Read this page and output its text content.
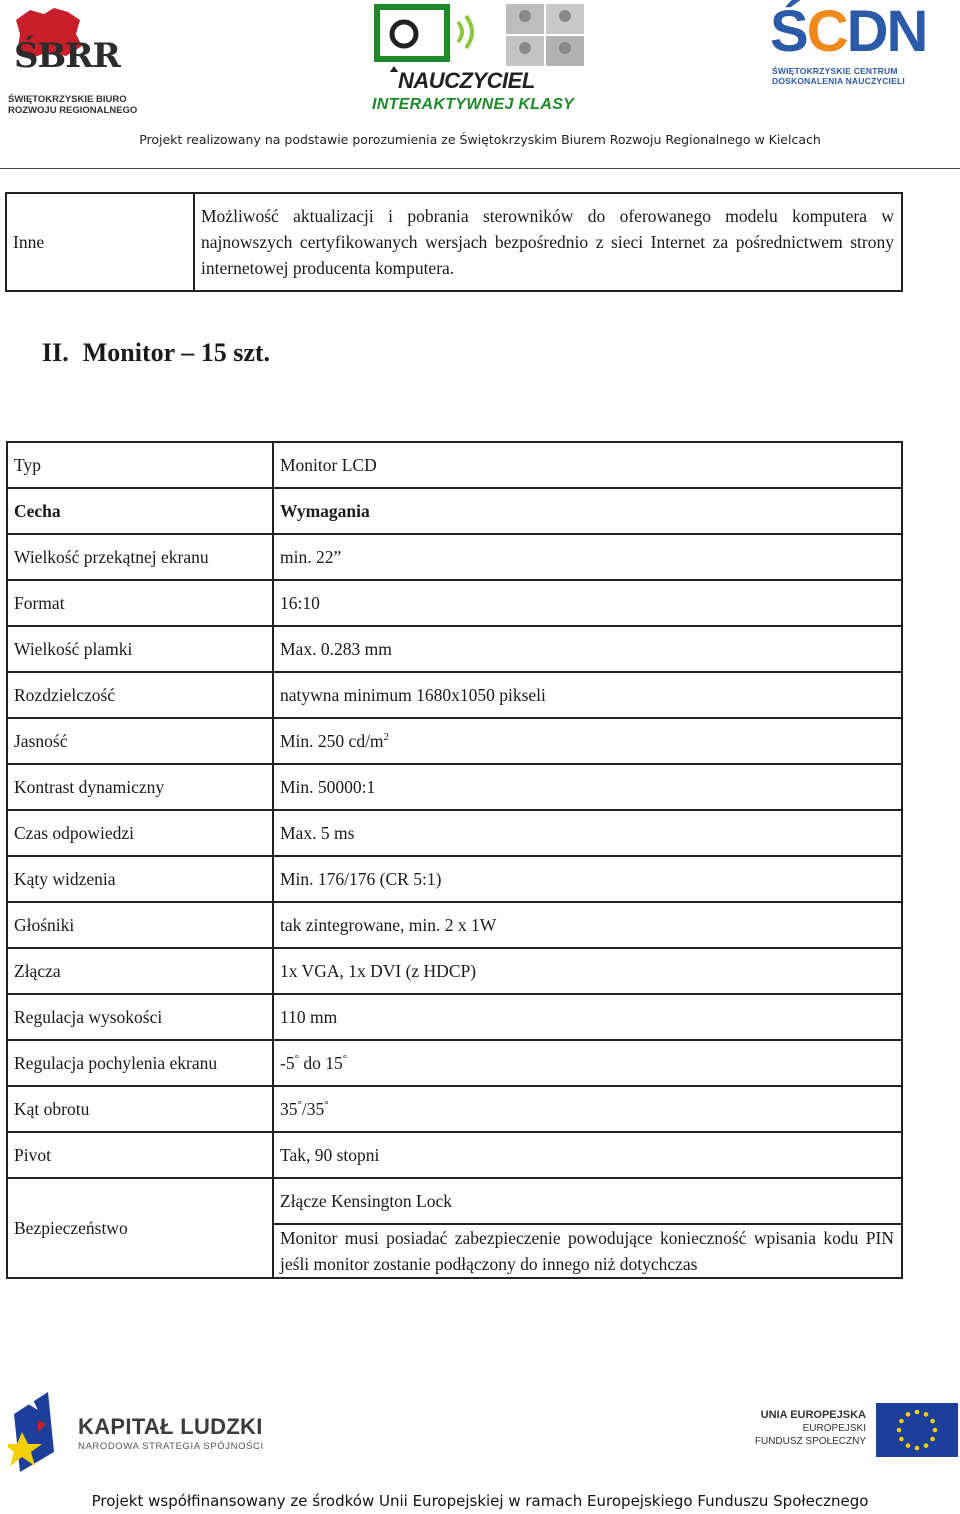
ŚBRR
ŚWIĘTOKRZYSKIE BIURO
ROZWOJU REGIONALNEGO
NAUCZYCIEL
INTERAKTYWNEJ KLASY
ŚCDN
ŚWIĘTOKRZYSKIE CENTRUM
DOSKONALENIA NAUCZYCIELI
Projekt realizowany na podstawie porozumienia ze Świętokrzyskim Biurem Rozwoju Regionalnego w Kielcach
Inne	Możliwość aktualizacji i pobrania sterowników do oferowanego modelu komputera w najnowszych certyfikowanych wersjach bezpośrednio z sieci Internet za pośrednictwem strony internetowej producenta komputera.
II. Monitor – 15 szt.
Typ	Monitor LCD
Cecha	Wymagania
Wielkość przekątnej ekranu	min. 22”
Format	16:10
Wielkość plamki	Max. 0.283 mm
Rozdzielczość	natywna minimum 1680x1050 pikseli
Jasność	Min. 250 $cd/m^2$
Kontrast dynamiczny	Min. 50000:1
Czas odpowiedzi	Max. 5 ms
Kąty widzenia	Min. 176/176 (CR 5:1)
Głośniki	tak zintegrowane, min. 2 x 1W
Złącza	1x VGA, 1x DVI (z HDCP)
Regulacja wysokości	110 mm
Regulacja pochylenia ekranu	-5° do 15°
Kąt obrotu	35°/35°
Pivot	Tak, 90 stopni
Bezpieczeństwo	Złącze Kensington Lock
	Monitor musi posiadać zabezpieczenie powodujące konieczność wpisania kodu PIN jeśli monitor zostanie podłączony do innego niż dotychczas
KAPITAŁ LUDZKI
NARODOWA STRATEGIA SPÓJNOŚCI
UNIA EUROPEJSKA
EUROPEJSKI
FUNDUSZ SPOŁECZNY
Projekt współfinansowany ze środków Unii Europejskiej w ramach Europejskiego Funduszu Społecznego
